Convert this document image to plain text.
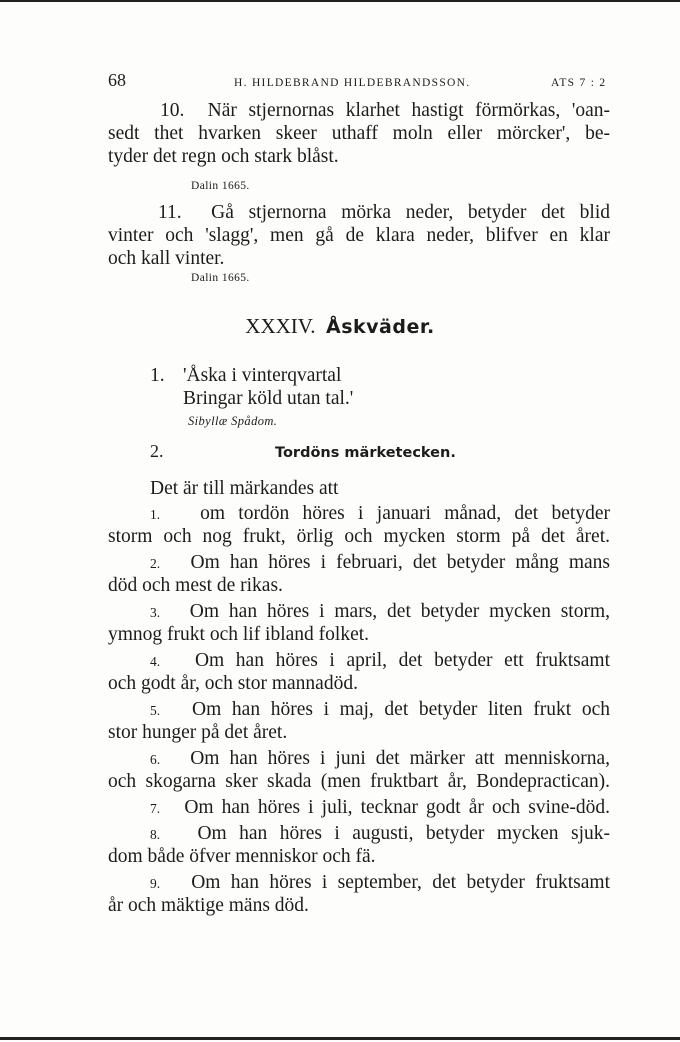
68	H. HILDEBRAND HILDEBRANDSSON.	ATS 7 : 2
10. När stjernornas klarhet hastigt förmörkas, 'oan-
sedt thet hvarken skeer uthaff moln eller mörcker', be-
tyder det regn och stark blåst.
Dalin 1665.
11. Gå stjernorna mörka neder, betyder det blid
vinter och 'slagg', men gå de klara neder, blifver en klar
och kall vinter.
Dalin 1665.
XXXIV. Åskväder.
1. 'Åska i vinterqvartal
Bringar köld utan tal.'
Sibyllæ Spådom.
2.	Tordöns märketecken.
Det är till märkandes att
1. om tordön höres i januari månad, det betyder
storm och nog frukt, örlig och mycken storm på det året.
2. Om han höres i februari, det betyder mång mans
död och mest de rikas.
3. Om han höres i mars, det betyder mycken storm,
ymnog frukt och lif ibland folket.
4. Om han höres i april, det betyder ett fruktsamt
och godt år, och stor mannadöd.
5. Om han höres i maj, det betyder liten frukt och
stor hunger på det året.
6. Om han höres i juni det märker att menniskorna,
och skogarna sker skada (men fruktbart år, Bondepractican).
7. Om han höres i juli, tecknar godt år och svine-död.
8. Om han höres i augusti, betyder mycken sjuk-
dom både öfver menniskor och fä.
9. Om han höres i september, det betyder fruktsamt
år och mäktige mäns död.
